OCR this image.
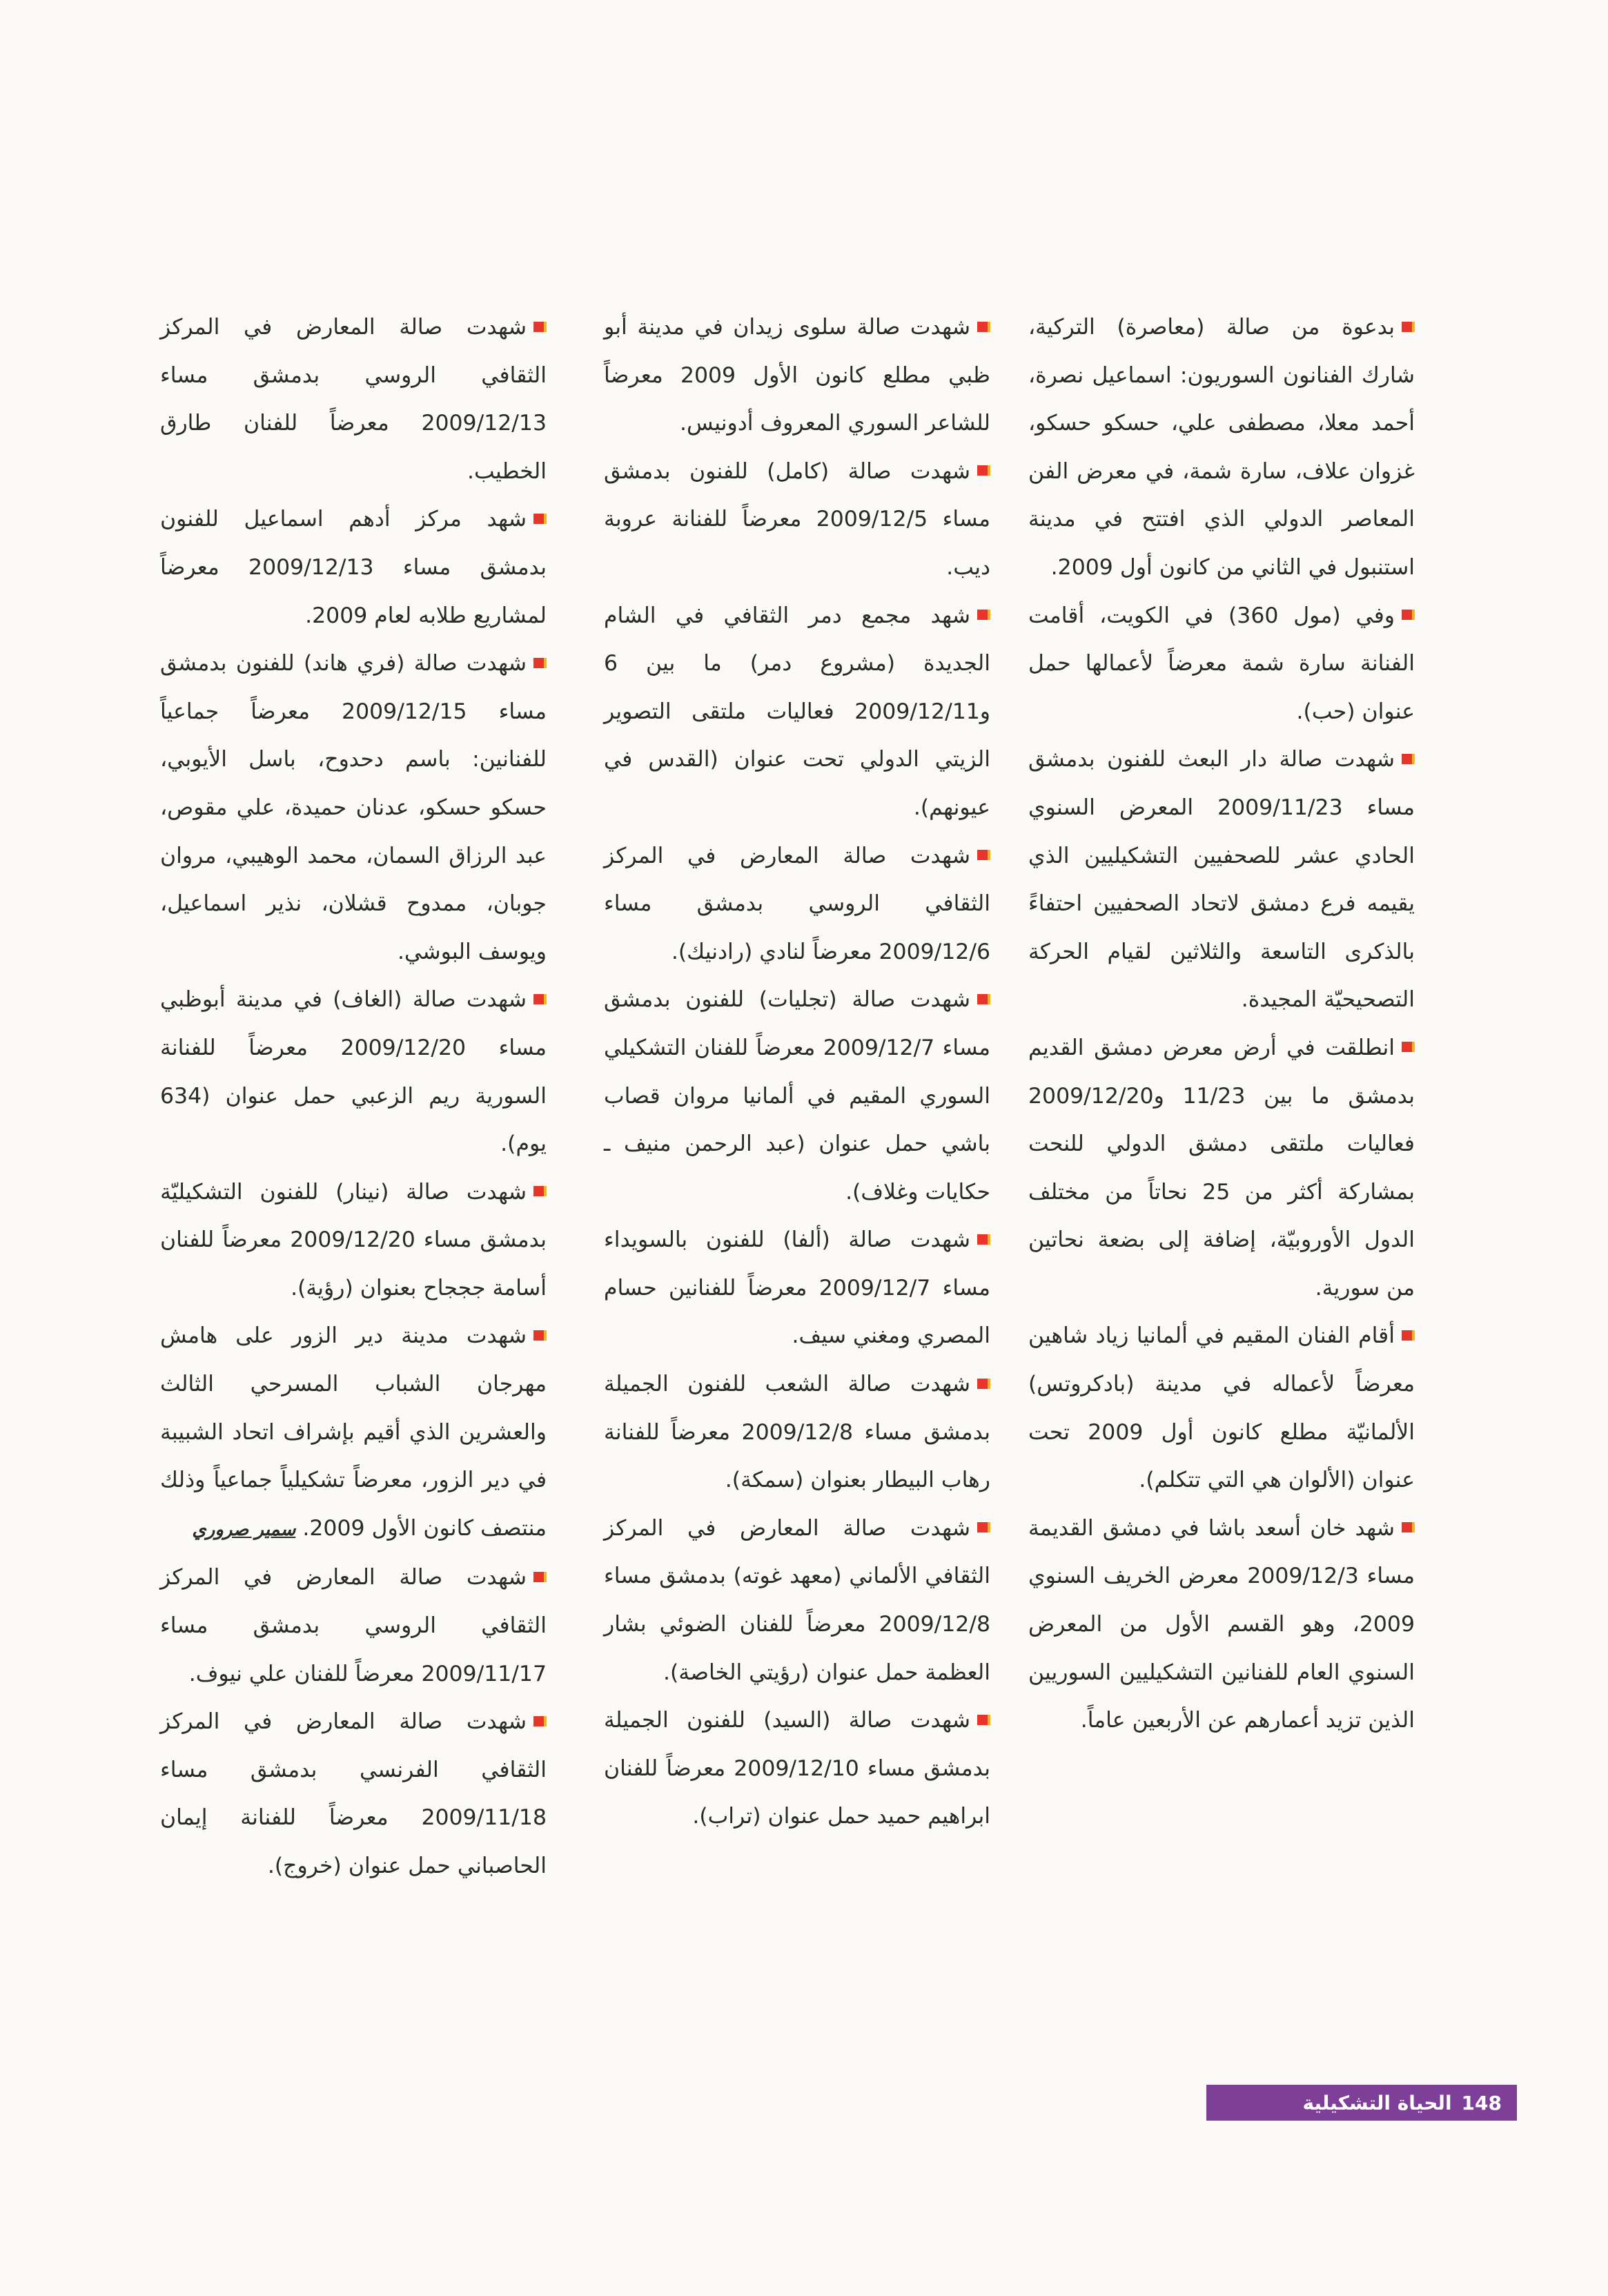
بدعوة من صالة (معاصرة) التركية، شارك الفنانون السوريون: اسماعيل نصرة، أحمد معلا، مصطفى علي، حسكو حسكو، غزوان علاف، سارة شمة، في معرض الفن المعاصر الدولي الذي افتتح في مدينة استنبول في الثاني من كانون أول 2009.

وفي (مول 360) في الكويت، أقامت الفنانة سارة شمة معرضاً لأعمالها حمل عنوان (حب).

شهدت صالة دار البعث للفنون بدمشق مساء 2009/11/23 المعرض السنوي الحادي عشر للصحفيين التشكيليين الذي يقيمه فرع دمشق لاتحاد الصحفيين احتفاءً بالذكرى التاسعة والثلاثين لقيام الحركة التصحيحيّة المجيدة.

انطلقت في أرض معرض دمشق القديم بدمشق ما بين 11/23 و2009/12/20 فعاليات ملتقى دمشق الدولي للنحت بمشاركة أكثر من 25 نحاتاً من مختلف الدول الأوروبيّة، إضافة إلى بضعة نحاتين من سورية.

أقام الفنان المقيم في ألمانيا زياد شاهين معرضاً لأعماله في مدينة (بادكروتس) الألمانيّة مطلع كانون أول 2009 تحت عنوان (الألوان هي التي تتكلم).

شهد خان أسعد باشا في دمشق القديمة مساء 2009/12/3 معرض الخريف السنوي 2009، وهو القسم الأول من المعرض السنوي العام للفنانين التشكيليين السوريين الذين تزيد أعمارهم عن الأربعين عاماً.

شهدت صالة سلوى زيدان في مدينة أبو ظبي مطلع كانون الأول 2009 معرضاً للشاعر السوري المعروف أدونيس.

شهدت صالة (كامل) للفنون بدمشق مساء 2009/12/5 معرضاً للفنانة عروبة ديب.

شهد مجمع دمر الثقافي في الشام الجديدة (مشروع دمر) ما بين 6 و2009/12/11 فعاليات ملتقى التصوير الزيتي الدولي تحت عنوان (القدس في عيونهم).

شهدت صالة المعارض في المركز الثقافي الروسي بدمشق مساء 2009/12/6 معرضاً لنادي (رادنيك).

شهدت صالة (تجليات) للفنون بدمشق مساء 2009/12/7 معرضاً للفنان التشكيلي السوري المقيم في ألمانيا مروان قصاب باشي حمل عنوان (عبد الرحمن منيف ـ حكايات وغلاف).

شهدت صالة (ألفا) للفنون بالسويداء مساء 2009/12/7 معرضاً للفنانين حسام المصري ومغني سيف.

شهدت صالة الشعب للفنون الجميلة بدمشق مساء 2009/12/8 معرضاً للفنانة رهاب البيطار بعنوان (سمكة).

شهدت صالة المعارض في المركز الثقافي الألماني (معهد غوته) بدمشق مساء 2009/12/8 معرضاً للفنان الضوئي بشار العظمة حمل عنوان (رؤيتي الخاصة).

شهدت صالة (السيد) للفنون الجميلة بدمشق مساء 2009/12/10 معرضاً للفنان ابراهيم حميد حمل عنوان (تراب).

شهدت صالة المعارض في المركز الثقافي الروسي بدمشق مساء 2009/12/13 معرضاً للفنان طارق الخطيب.

شهد مركز أدهم اسماعيل للفنون بدمشق مساء 2009/12/13 معرضاً لمشاريع طلابه لعام 2009.

شهدت صالة (فري هاند) للفنون بدمشق مساء 2009/12/15 معرضاً جماعياً للفنانين: باسم دحدوح، باسل الأيوبي، حسكو حسكو، عدنان حميدة، علي مقوص، عبد الرزاق السمان، محمد الوهيبي، مروان جوبان، ممدوح قشلان، نذير اسماعيل، ويوسف البوشي.

شهدت صالة (الغاف) في مدينة أبوظبي مساء 2009/12/20 معرضاً للفنانة السورية ريم الزعبي حمل عنوان (634 يوم).

شهدت صالة (نينار) للفنون التشكيليّة بدمشق مساء 2009/12/20 معرضاً للفنان أسامة جججاح بعنوان (رؤية).

شهدت مدينة دير الزور على هامش مهرجان الشباب المسرحي الثالث والعشرين الذي أقيم بإشراف اتحاد الشبيبة في دير الزور، معرضاً تشكيلياً جماعياً وذلك منتصف كانون الأول 2009.سمير صروري

شهدت صالة المعارض في المركز الثقافي الروسي بدمشق مساء 2009/11/17 معرضاً للفنان علي نيوف.

شهدت صالة المعارض في المركز الثقافي الفرنسي بدمشق مساء 2009/11/18 معرضاً للفنانة إيمان الحاصباني حمل عنوان (خروج).

148
الحياة التشكيلية
